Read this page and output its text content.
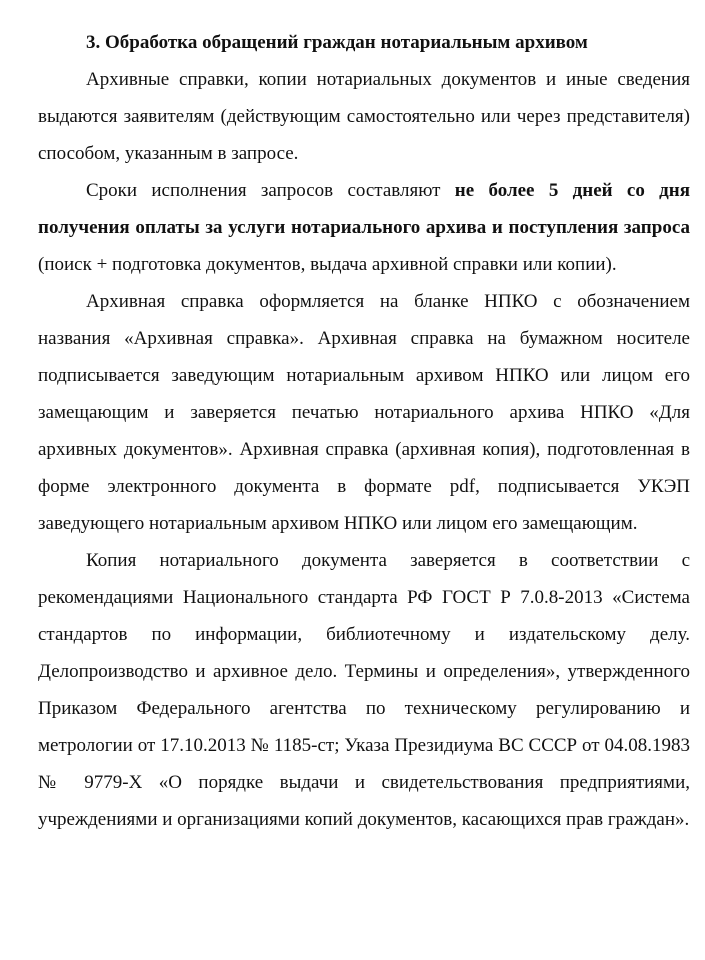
3. Обработка обращений граждан нотариальным архивом

Архивные справки, копии нотариальных документов и иные сведения выдаются заявителям (действующим самостоятельно или через представителя) способом, указанным в запросе.

Сроки исполнения запросов составляют не более 5 дней со дня получения оплаты за услуги нотариального архива и поступления запроса (поиск + подготовка документов, выдача архивной справки или копии).

Архивная справка оформляется на бланке НПКО с обозначением названия «Архивная справка». Архивная справка на бумажном носителе подписывается заведующим нотариальным архивом НПКО или лицом его замещающим и заверяется печатью нотариального архива НПКО «Для архивных документов». Архивная справка (архивная копия), подготовленная в форме электронного документа в формате pdf, подписывается УКЭП заведующего нотариальным архивом НПКО или лицом его замещающим.

Копия нотариального документа заверяется в соответствии с рекомендациями Национального стандарта РФ ГОСТ Р 7.0.8-2013 «Система стандартов по информации, библиотечному и издательскому делу. Делопроизводство и архивное дело. Термины и определения», утвержденного Приказом Федерального агентства по техническому регулированию и метрологии от 17.10.2013 № 1185-ст; Указа Президиума ВС СССР от 04.08.1983 № 9779-X «О порядке выдачи и свидетельствования предприятиями, учреждениями и организациями копий документов, касающихся прав граждан».
